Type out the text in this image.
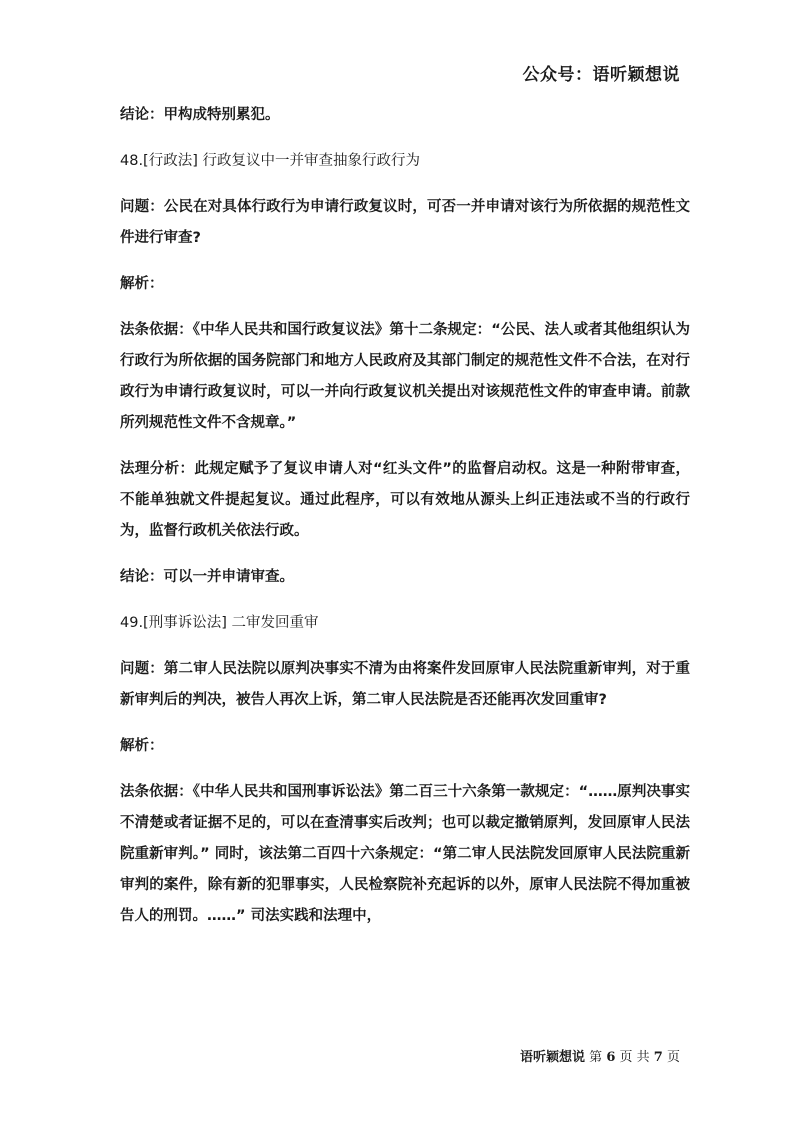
公众号：语听颖想说

结论：甲构成特别累犯。

48.[行政法] 行政复议中一并审查抽象行政行为

问题：公民在对具体行政行为申请行政复议时，可否一并申请对该行为所依据的规范性文件进行审查?

解析：

法条依据：《中华人民共和国行政复议法》第十二条规定：“公民、法人或者其他组织认为行政行为所依据的国务院部门和地方人民政府及其部门制定的规范性文件不合法，在对行政行为申请行政复议时，可以一并向行政复议机关提出对该规范性文件的审查申请。前款所列规范性文件不含规章。”

法理分析：此规定赋予了复议申请人对“红头文件”的监督启动权。这是一种附带审查，不能单独就文件提起复议。通过此程序，可以有效地从源头上纠正违法或不当的行政行为，监督行政机关依法行政。

结论：可以一并申请审查。

49.[刑事诉讼法] 二审发回重审

问题：第二审人民法院以原判决事实不清为由将案件发回原审人民法院重新审判，对于重新审判后的判决，被告人再次上诉，第二审人民法院是否还能再次发回重审?

解析：

法条依据：《中华人民共和国刑事诉讼法》第二百三十六条第一款规定：“……原判决事实不清楚或者证据不足的，可以在查清事实后改判；也可以裁定撤销原判，发回原审人民法院重新审判。” 同时，该法第二百四十六条规定：“第二审人民法院发回原审人民法院重新审判的案件，除有新的犯罪事实，人民检察院补充起诉的以外，原审人民法院不得加重被告人的刑罚。……” 司法实践和法理中，

语听颖想说 第 6 页 共 7 页
